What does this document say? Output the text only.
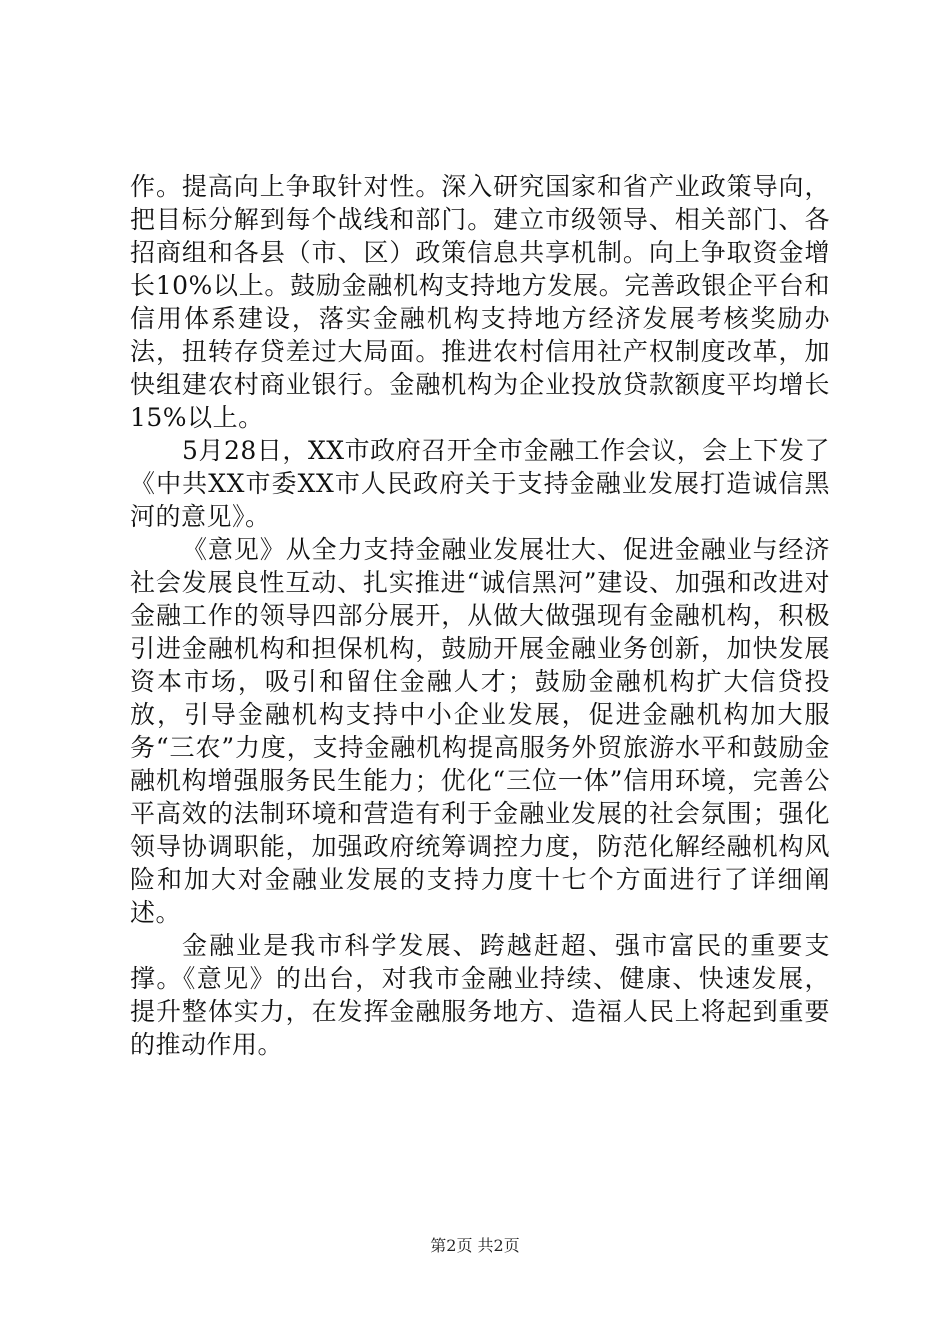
作。提高向上争取针对性。深入研究国家和省产业政策导向，把目标分解到每个战线和部门。建立市级领导、相关部门、各招商组和各县（市、区）政策信息共享机制。向上争取资金增长10%以上。鼓励金融机构支持地方发展。完善政银企平台和信用体系建设，落实金融机构支持地方经济发展考核奖励办法，扭转存贷差过大局面。推进农村信用社产权制度改革，加快组建农村商业银行。金融机构为企业投放贷款额度平均增长15%以上。

5月28日，XX市政府召开全市金融工作会议，会上下发了《中共XX市委XX市人民政府关于支持金融业发展打造诚信黑河的意见》。

《意见》从全力支持金融业发展壮大、促进金融业与经济社会发展良性互动、扎实推进“诚信黑河”建设、加强和改进对金融工作的领导四部分展开，从做大做强现有金融机构，积极引进金融机构和担保机构，鼓励开展金融业务创新，加快发展资本市场，吸引和留住金融人才；鼓励金融机构扩大信贷投放，引导金融机构支持中小企业发展，促进金融机构加大服务“三农”力度，支持金融机构提高服务外贸旅游水平和鼓励金融机构增强服务民生能力；优化“三位一体”信用环境，完善公平高效的法制环境和营造有利于金融业发展的社会氛围；强化领导协调职能，加强政府统筹调控力度，防范化解经融机构风险和加大对金融业发展的支持力度十七个方面进行了详细阐述。

金融业是我市科学发展、跨越赶超、强市富民的重要支撑。《意见》的出台，对我市金融业持续、健康、快速发展，提升整体实力，在发挥金融服务地方、造福人民上将起到重要的推动作用。

第2页 共2页
